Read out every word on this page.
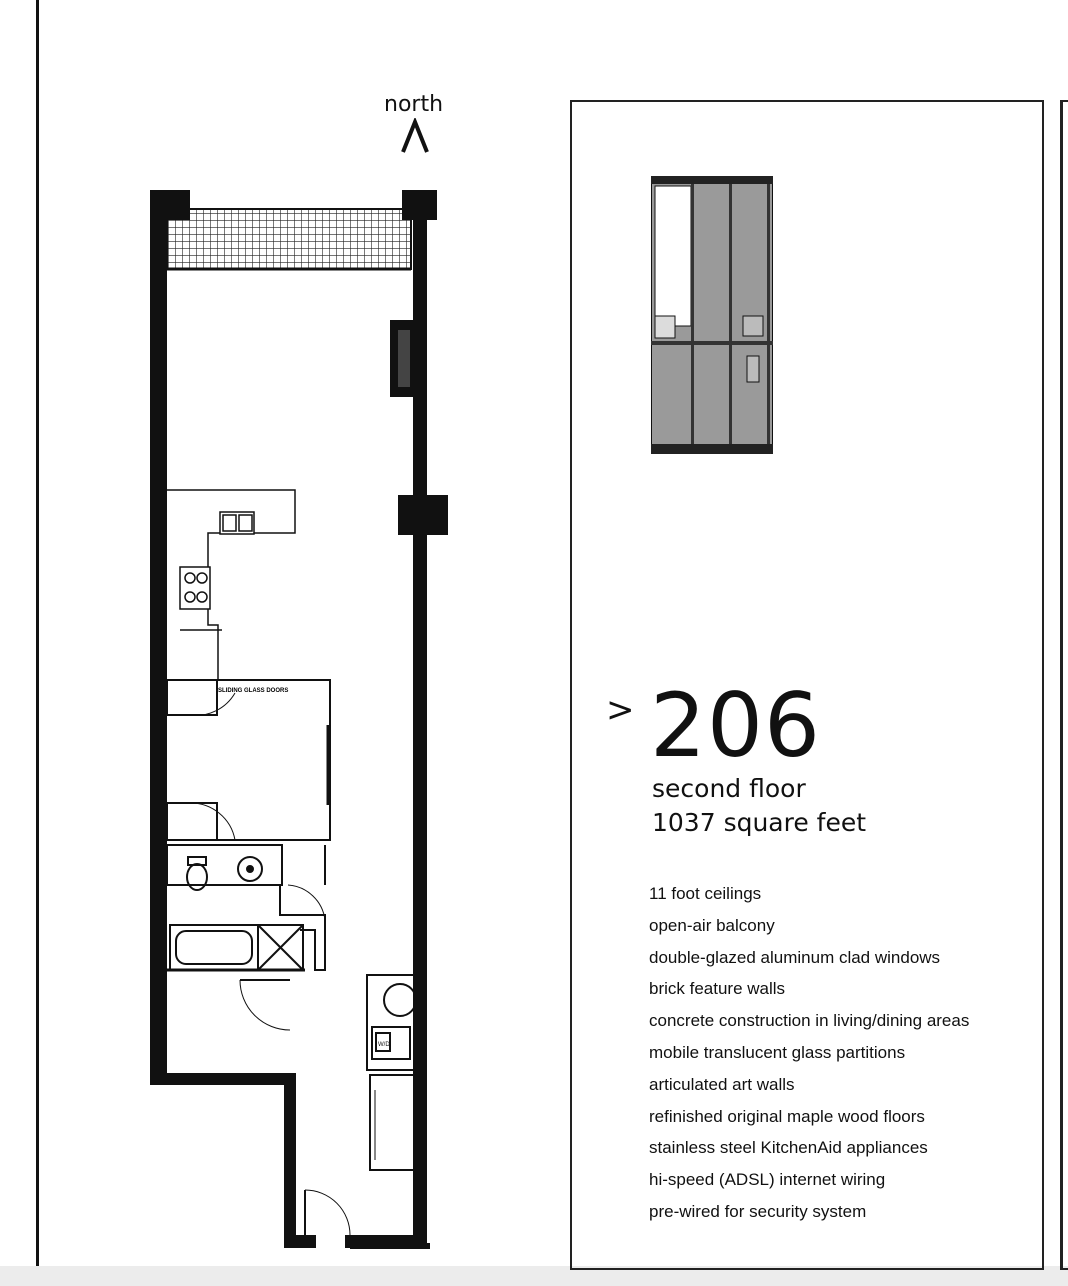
north
SLIDING GLASS DOORS
W/D
> 206
second floor
1037 square feet
11 foot ceilings
open-air balcony
double-glazed aluminum clad windows
brick feature walls
concrete construction in living/dining areas
mobile translucent glass partitions
articulated art walls
refinished original maple wood floors
stainless steel KitchenAid appliances
hi-speed (ADSL) internet wiring
pre-wired for security system
